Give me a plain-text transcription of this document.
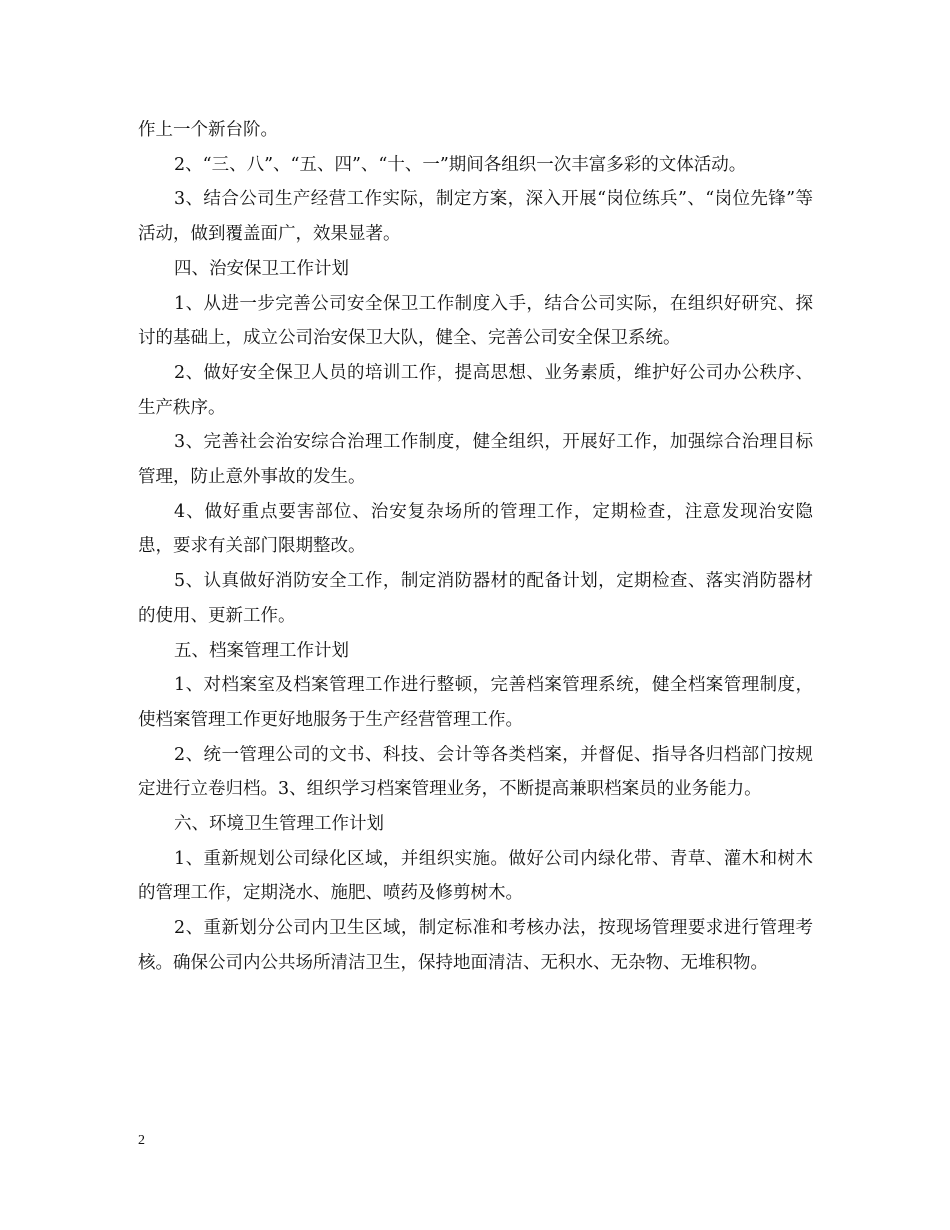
作上一个新台阶。

2、“三、八”、“五、四”、“十、一”期间各组织一次丰富多彩的文体活动。

3、结合公司生产经营工作实际，制定方案，深入开展“岗位练兵”、“岗位先锋”等活动，做到覆盖面广，效果显著。

四、治安保卫工作计划

1、从进一步完善公司安全保卫工作制度入手，结合公司实际，在组织好研究、探讨的基础上，成立公司治安保卫大队，健全、完善公司安全保卫系统。

2、做好安全保卫人员的培训工作，提高思想、业务素质，维护好公司办公秩序、生产秩序。

3、完善社会治安综合治理工作制度，健全组织，开展好工作，加强综合治理目标管理，防止意外事故的发生。

4、做好重点要害部位、治安复杂场所的管理工作，定期检查，注意发现治安隐患，要求有关部门限期整改。

5、认真做好消防安全工作，制定消防器材的配备计划，定期检查、落实消防器材的使用、更新工作。

五、档案管理工作计划

1、对档案室及档案管理工作进行整顿，完善档案管理系统，健全档案管理制度，使档案管理工作更好地服务于生产经营管理工作。

2、统一管理公司的文书、科技、会计等各类档案，并督促、指导各归档部门按规定进行立卷归档。3、组织学习档案管理业务，不断提高兼职档案员的业务能力。

六、环境卫生管理工作计划

1、重新规划公司绿化区域，并组织实施。做好公司内绿化带、青草、灌木和树木的管理工作，定期浇水、施肥、喷药及修剪树木。

2、重新划分公司内卫生区域，制定标准和考核办法，按现场管理要求进行管理考核。确保公司内公共场所清洁卫生，保持地面清洁、无积水、无杂物、无堆积物。

2
